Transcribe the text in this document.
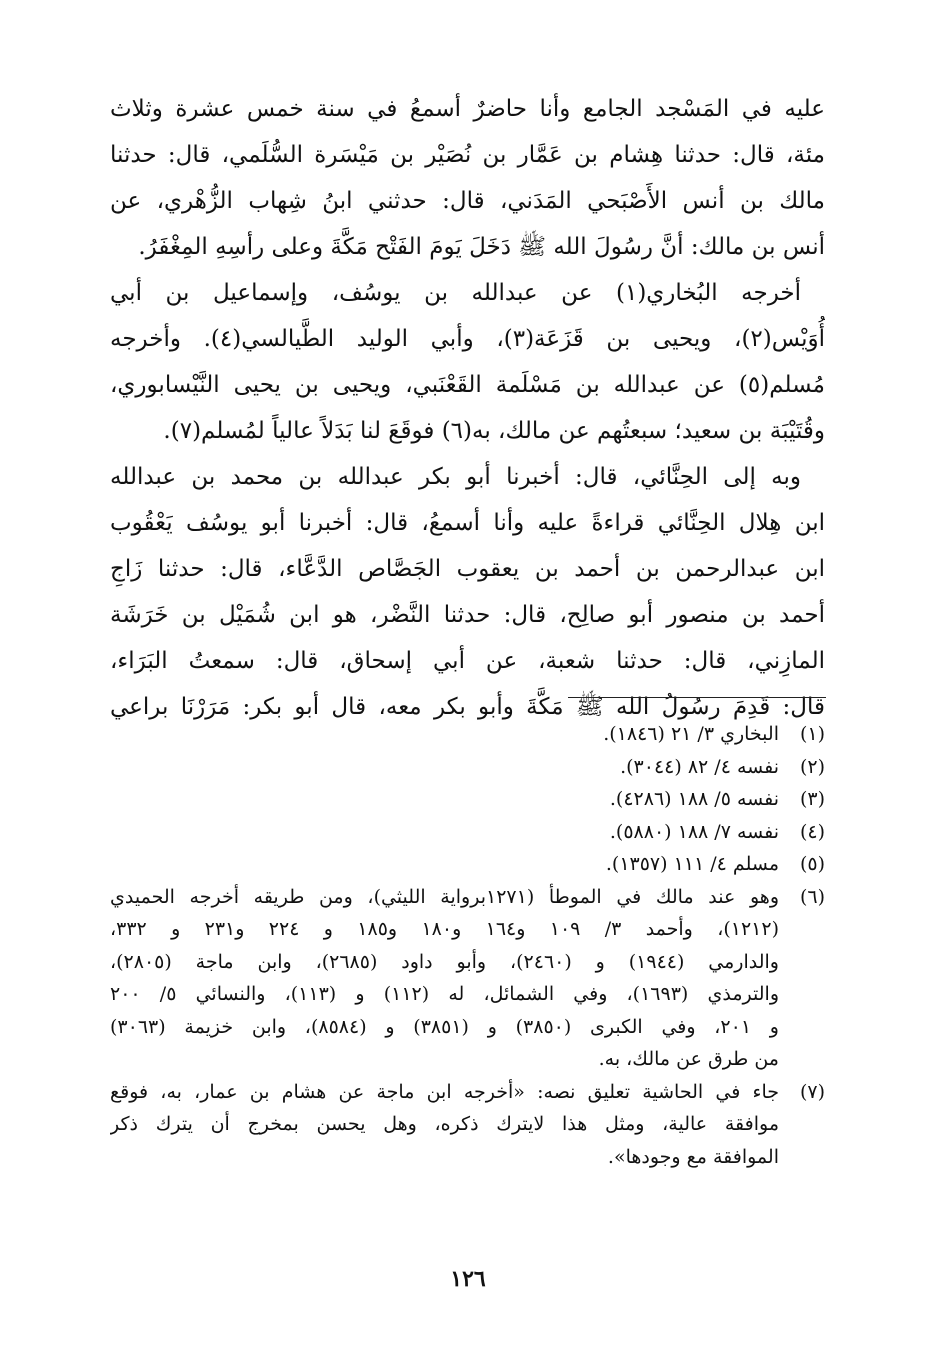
عليه في المَسْجد الجامع وأنا حاضرٌ أسمعُ في سنة خمس عشرة وثلاث
مئة، قال: حدثنا هِشام بن عَمَّار بن نُصَيْر بن مَيْسَرة السُّلَمي، قال: حدثنا
مالك بن أنس الأَصْبَحي المَدَني، قال: حدثني ابنُ شِهاب الزُّهْري، عن
أنس بن مالك: أنَّ رسُولَ الله ﷺ دَخَلَ يَومَ الفَتْح مَكَّةَ وعلى رأسِهِ المِغْفَرُ.
أخرجه البُخاري(١) عن عبدالله بن يوسُف، وإسماعيل بن أبي
أُوَيْس(٢)، ويحيى بن قَزَعَة(٣)، وأبي الوليد الطَّيالسي(٤). وأخرجه
مُسلم(٥) عن عبدالله بن مَسْلَمة القَعْنَبي، ويحيى بن يحيى النَّيْسابوري،
وقُتَيْبَة بن سعيد؛ سبعتُهم عن مالك، به(٦) فوقَعَ لنا بَدَلاً عالياً لمُسلم(٧).
وبه إلى الحِنَّائي، قال: أخبرنا أبو بكر عبدالله بن محمد بن عبدالله
ابن هِلال الحِنَّائي قراءةً عليه وأنا أسمعُ، قال: أخبرنا أبو يوسُف يَعْقُوب
ابن عبدالرحمن بن أحمد بن يعقوب الجَصَّاص الدَّعَّاء، قال: حدثنا زَاجِ
أحمد بن منصور أبو صالِح، قال: حدثنا النَّضْر، هو ابن شُمَيْل بن خَرَشَة
المازِني، قال: حدثنا شعبة، عن أبي إسحاق، قال: سمعتُ البَرَاء،
قال: قَدِمَ رسُولُ الله ﷺ مَكَّةَ وأبو بكر معه، قال أبو بكر: مَرَرْنَا براعي
(١)
البخاري ٣/ ٢١ (١٨٤٦).
(٢)
نفسه ٤/ ٨٢ (٣٠٤٤).
(٣)
نفسه ٥/ ١٨٨ (٤٢٨٦).
(٤)
نفسه ٧/ ١٨٨ (٥٨٨٠).
(٥)
مسلم ٤/ ١١١ (١٣٥٧).
(٦)
وهو عند مالك في الموطأ (١٢٧١برواية الليثي)، ومن طريقه أخرجه الحميدي
(١٢١٢)، وأحمد ٣/ ١٠٩ و١٦٤ و١٨٠ و١٨٥ و ٢٢٤ و٢٣١ و ٣٣٢،
والدارمي (١٩٤٤) و (٢٤٦٠)، وأبو داود (٢٦٨٥)، وابن ماجة (٢٨٠٥)،
والترمذي (١٦٩٣)، وفي الشمائل، له (١١٢) و (١١٣)، والنسائي ٥/ ٢٠٠
و ٢٠١، وفي الكبرى (٣٨٥٠) و (٣٨٥١) و (٨٥٨٤)، وابن خزيمة (٣٠٦٣)
من طرق عن مالك، به.
(٧)
جاء في الحاشية تعليق نصه: «أخرجه ابن ماجة عن هشام بن عمار، به، فوقع
موافقة عالية، ومثل هذا لايترك ذكره، وهل يحسن بمخرج أن يترك ذكر
الموافقة مع وجودها».
١٢٦
